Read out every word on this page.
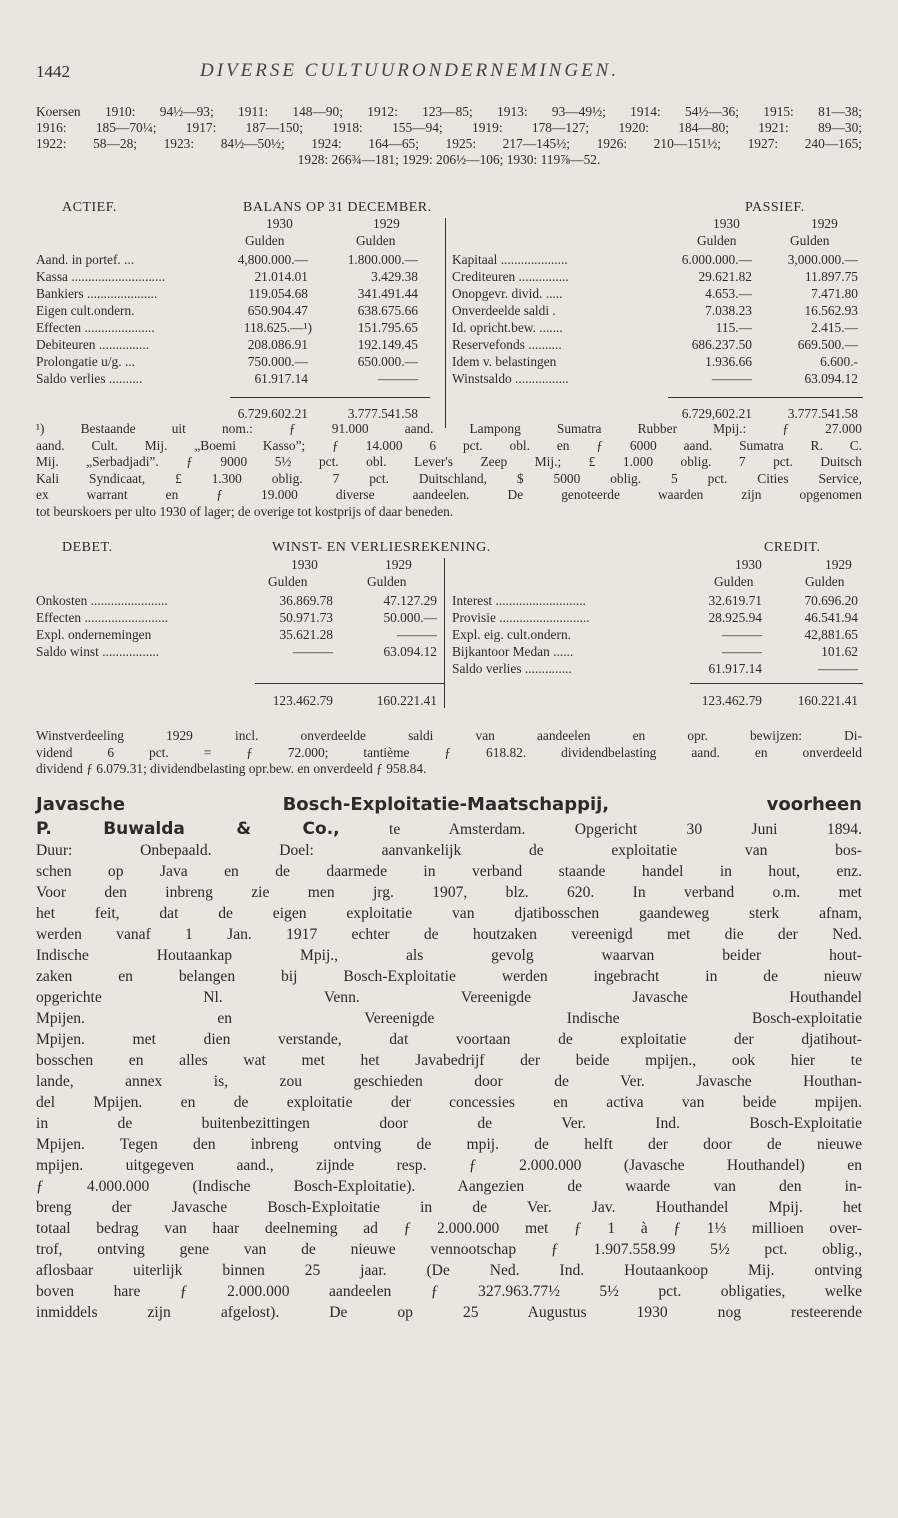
1442	DIVERSE CULTUURONDERNEMINGEN.

Koersen 1910: 94½—93; 1911: 148—90; 1912: 123—85; 1913: 93—49½; 1914: 54½—36; 1915: 81—38;

1916: 185—70¼; 1917: 187—150; 1918: 155—94; 1919: 178—127; 1920: 184—80; 1921: 89—30;

1922: 58—28; 1923: 84½—50½; 1924: 164—65; 1925: 217—145½; 1926: 210—151½; 1927: 240—165;

1928: 266¾—181; 1929: 206½—106; 1930: 119⅞—52.

ACTIEF.	BALANS OP 31 DECEMBER.	PASSIEF.
1930	1929	1930	1929
Gulden	Gulden	Gulden	Gulden
Aand. in portef. ...	4,800.000.—	1.800.000.—
Kassa ............................	21.014.01	3.429.38
Bankiers .....................	119.054.68	341.491.44
Eigen cult.ondern.	650.904.47	638.675.66
Effecten .....................	118.625.—¹)	151.795.65
Debiteuren ...............	208.086.91	192.149.45
Prolongatie u/g. ...	750.000.—	650.000.—
Saldo verlies ..........	61.917.14	———
Kapitaal ....................	6.000.000.—	3,000.000.—
Crediteuren ...............	29.621.82	11.897.75
Onopgevr. divid. .....	4.653.—	7.471.80
Onverdeelde saldi .	7.038.23	16.562.93
Id. opricht.bew. .......	115.—	2.415.—
Reservefonds ..........	686.237.50	669.500.—
Idem v. belastingen	1.936.66	6.600.-
Winstsaldo ................	———	63.094.12
6.729.602.21	3.777.541.58	6.729,602.21	3.777.541.58

¹) Bestaande uit nom.: ƒ 91.000 aand. Lampong Sumatra Rubber Mpij.: ƒ 27.000

aand. Cult. Mij. „Boemi Kasso”; ƒ 14.000 6 pct. obl. en ƒ 6000 aand. Sumatra R. C.

Mij. „Serbadjadi”. ƒ 9000 5½ pct. obl. Lever's Zeep Mij.; £ 1.000 oblig. 7 pct. Duitsch

Kali Syndicaat, £ 1.300 oblig. 7 pct. Duitschland, $ 5000 oblig. 5 pct. Cities Service,

ex warrant en ƒ 19.000 diverse aandeelen. De genoteerde waarden zijn opgenomen

tot beurskoers per ulto 1930 of lager; de overige tot kostprijs of daar beneden.

DEBET.	WINST- EN VERLIESREKENING.	CREDIT.
1930	1929	1930	1929
Gulden	Gulden	Gulden	Gulden
Onkosten .......................	36.869.78	47.127.29
Effecten .........................	50.971.73	50.000.—
Expl. ondernemingen	35.621.28	———
Saldo winst .................	———	63.094.12
Interest ...........................	32.619.71	70.696.20
Provisie ...........................	28.925.94	46.541.94
Expl. eig. cult.ondern.	———	42,881.65
Bijkantoor Medan ......	———	101.62
Saldo verlies ..............	61.917.14	———
123.462.79	160.221.41	123.462.79	160.221.41

Winstverdeeling 1929 incl. onverdeelde saldi van aandeelen en opr. bewijzen: Di-

vidend 6 pct. = ƒ 72.000; tantième ƒ 618.82. dividendbelasting aand. en onverdeeld

dividend ƒ 6.079.31; dividendbelasting opr.bew. en onverdeeld ƒ 958.84.

Javasche Bosch-Exploitatie-Maatschappij, voorheen

P. Buwalda & Co.,	te Amsterdam. Opgericht 30 Juni 1894.

Duur: Onbepaald. Doel: aanvankelijk de exploitatie van bos-

schen op Java en de daarmede in verband staande handel in hout, enz.

Voor den inbreng zie men jrg. 1907, blz. 620. In verband o.m. met

het feit, dat de eigen exploitatie van djatibosschen gaandeweg sterk afnam,

werden vanaf 1 Jan. 1917 echter de houtzaken vereenigd met die der Ned.

Indische Houtaankap Mpij., als gevolg waarvan beider hout-

zaken en belangen bij Bosch-Exploitatie werden ingebracht in de nieuw

opgerichte Nl. Venn. Vereenigde Javasche Houthandel

Mpijen. en Vereenigde Indische Bosch-exploitatie

Mpijen. met dien verstande, dat voortaan de exploitatie der djatihout-

bosschen en alles wat met het Javabedrijf der beide mpijen., ook hier te

lande, annex is, zou geschieden door de Ver. Javasche Houthan-

del Mpijen. en de exploitatie der concessies en activa van beide mpijen.

in de buitenbezittingen door de Ver. Ind. Bosch-Exploitatie

Mpijen. Tegen den inbreng ontving de mpij. de helft der door de nieuwe

mpijen. uitgegeven aand., zijnde resp. ƒ 2.000.000 (Javasche Houthandel) en

ƒ 4.000.000 (Indische Bosch-Exploitatie). Aangezien de waarde van den in-

breng der Javasche Bosch-Exploitatie in de Ver. Jav. Houthandel Mpij. het

totaal bedrag van haar deelneming ad ƒ 2.000.000 met ƒ 1 à ƒ 1⅓ millioen over-

trof, ontving gene van de nieuwe vennootschap ƒ 1.907.558.99 5½ pct. oblig.,

aflosbaar uiterlijk binnen 25 jaar. (De Ned. Ind. Houtaankoop Mij. ontving

boven hare ƒ 2.000.000 aandeelen ƒ 327.963.77½ 5½ pct. obligaties, welke

inmiddels zijn afgelost). De op 25 Augustus 1930 nog resteerende
